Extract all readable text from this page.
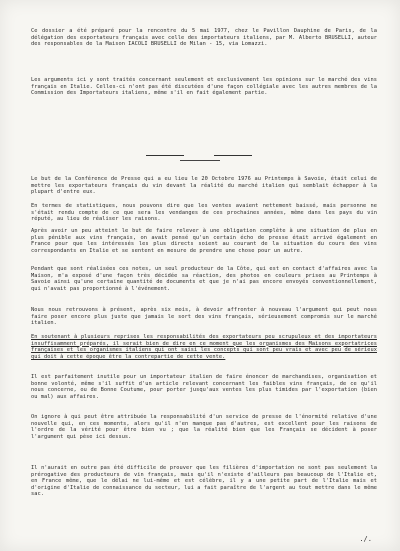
Ce dossier a été préparé pour la rencontre du 5 mai 1977, chez le Pavillon Dauphine de Paris, de la délégation des exportateurs français avec celle des importateurs italiens, par M. Alberto BRUSELLI, auteur des responsables de la Maison IACOLI BRUSELLI de Milan - 15, via Lomazzi.
Les arguments ici y sont traités concernant seulement et exclusivement les opinions sur le marché des vins français en Italie. Celles-ci n'ont pas été discutées d'une façon collégiale avec les autres membres de la Commission des Importateurs italiens, même s'il en fait également partie.
Le but de la Conférence de Presse qui a eu lieu le 20 Octobre 1976 au Printemps à Savoie, était celui de mettre les exportateurs français du vin devant la réalité du marché italien qui semblait échapper à la plupart d'entre eux.
En termes de statistiques, nous pouvons dire que les ventes avaient nettement baissé, mais personne ne s'était rendu compte de ce que sera les vendanges de ces prochaines années, même dans les pays du vin réputé, au lieu de réaliser les raisons.
Après avoir un peu atteint le but de faire relever à une obligation complète à une situation de plus en plus pénible aux vins français, on avait pensé qu'un certain écho de presse était arrivé également en France pour que les intéressés les plus directs soient au courant de la situation du cours des vins correspondants en Italie et se sentent en mesure de prendre une chose pour un autre.
Pendant que sont réalisées ces notes, un seul producteur de la Côte, qui est en contact d'affaires avec la Maison, m'a exposé d'une façon très décidée sa réaction, des photos en couleurs prises au Printemps à Savoie ainsi qu'une certaine quantité de documents et que je n'ai pas encore envoyés conventionnellement, qui n'avait pas proportionné à l'événement.
Nous nous retrouvons à présent, après six mois, à devoir affronter à nouveau l'argument qui peut nous faire poser encore plus juste que jamais le sort des vins français, sérieusement compromis sur le marché italien.
En soutenant à plusieurs reprises les responsabilités des exportateurs peu scrupuleux et des importateurs insuffisamment préparés, il serait bien de dire en ce moment que les organismes des Maisons exportatrices françaises et les organismes italiens qui ont saisi les concepts qui sont peu vrais et avec peu de sérieux qui doit à cette époque être la contrepartie de cette vente.
Il est parfaitement inutile pour un importateur italien de faire énoncer de marchandises, organisation et bonne volonté, même s'il suffit d'un article relevant concernant les faibles vins français, de ce qu'il nous concerne, ou de Bonne Coutume, pour porter jusqu'aux ventes les plus timides par l'exportation (bien ou mal) aux affaires.
On ignore à qui peut être attribuée la responsabilité d'un service de presse de l'énormité relative d'une nouvelle qui, en ces moments, alors qu'il n'en manque pas d'autres, est excellent pour les raisons de l'ordre de la vérité pour être bien vu ; que la réalité bien que les Français se décident à poser l'argument qui pèse ici dessus.
Il n'aurait en outre pas été difficile de prouver que les filières d'importation ne sont pas seulement la prérogative des producteurs de vin français, mais qu'il n'existe d'ailleurs pas beaucoup de l'Italie et, en France même, que le délai ne lui-même et est célèbre, il y a une petite part de l'Italie mais et d'origine d'Italie de connaissance du secteur, lui a fait paraître de l'argent au tout mettre dans le même sac.
./.
